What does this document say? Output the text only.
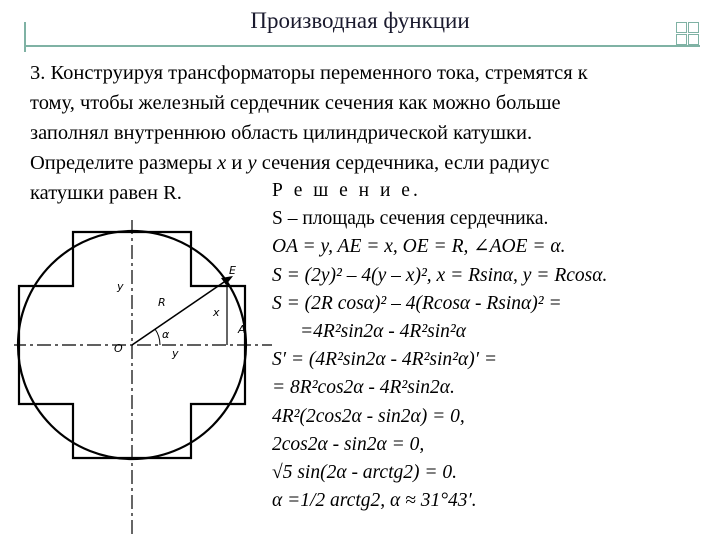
Производная функции

3. Конструируя трансформаторы переменного тока, стремятся к

тому, чтобы железный сердечник сечения как можно больше

заполнял внутреннюю область цилиндрической катушки.

Определите размеры x и y сечения сердечника, если радиус

катушки равен R.

E
A
O
R
x
y
y
α

Р е ш е н и е.

S – площадь сечения сердечника.

OA = y, AE = x, OE = R, ∠AOE = α.

S = (2y)² – 4(y – x)², x = Rsinα, y = Rcosα.

S = (2R cosα)² – 4(Rcosα - Rsinα)² =

=4R²sin2α - 4R²sin²α

S′ = (4R²sin2α - 4R²sin²α)′ =

= 8R²cos2α - 4R²sin2α.

4R²(2cos2α - sin2α) = 0,

2cos2α - sin2α = 0,

√5 sin(2α - arctg2) = 0.

α =1/2 arctg2, α ≈ 31°43′.
